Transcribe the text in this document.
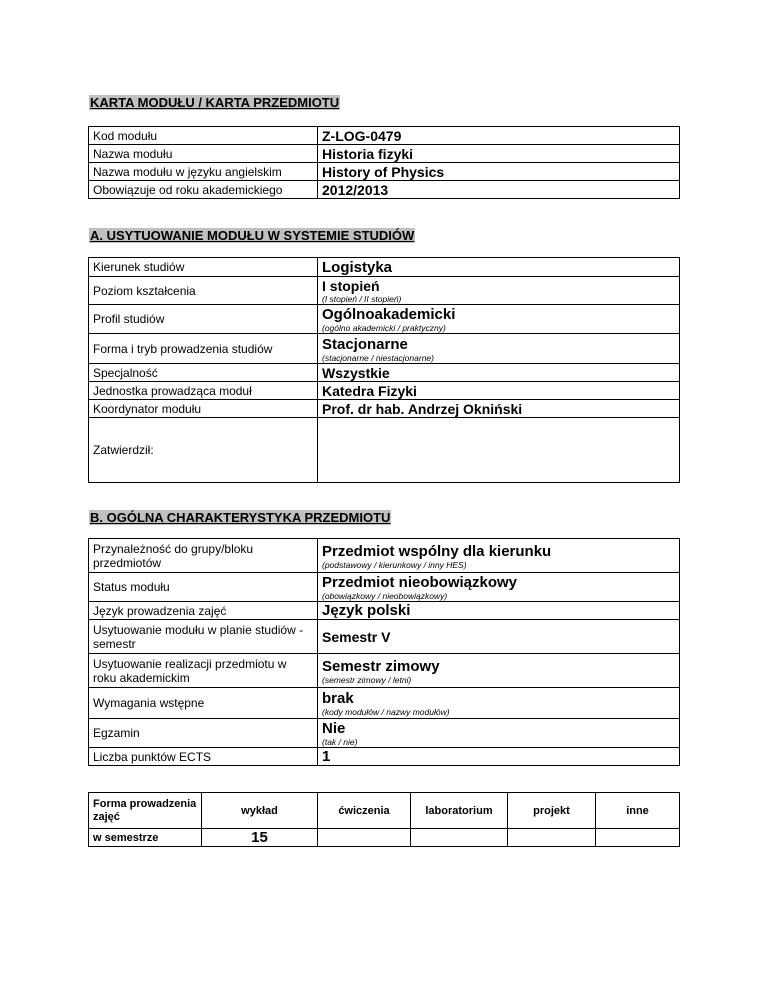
KARTA MODUŁU / KARTA PRZEDMIOTU
Kod modułu	Z-LOG-0479
Nazwa modułu	Historia fizyki
Nazwa modułu w języku angielskim	History of Physics
Obowiązuje od roku akademickiego	2012/2013
A. USYTUOWANIE MODUŁU W SYSTEMIE STUDIÓW
Kierunek studiów	Logistyka
Poziom kształcenia	I stopień
(I stopień / II stopień)

Profil studiów	Ogólnoakademicki
(ogólno akademicki / praktyczny)

Forma i tryb prowadzenia studiów	Stacjonarne
(stacjonarne / niestacjonarne)

Specjalność	Wszystkie
Jednostka prowadząca moduł	Katedra Fizyki
Koordynator modułu	Prof. dr hab. Andrzej Okniński
Zatwierdził:	
B. OGÓLNA CHARAKTERYSTYKA PRZEDMIOTU
Przynależność do grupy/bloku przedmiotów	Przedmiot wspólny dla kierunku
(podstawowy / kierunkowy / inny HES)

Status modułu	Przedmiot nieobowiązkowy
(obowiązkowy / nieobowiązkowy)

Język prowadzenia zajęć	Język polski
Usytuowanie modułu w planie studiów - semestr	Semestr V
Usytuowanie realizacji przedmiotu w roku akademickim	Semestr zimowy
(semestr zimowy / letni)

Wymagania wstępne	brak
(kody modułów / nazwy modułów)

Egzamin	Nie
(tak / nie)

Liczba punktów ECTS	1
Forma prowadzenia zajęć	wykład	ćwiczenia	laboratorium	projekt	inne
w semestrze	15				
